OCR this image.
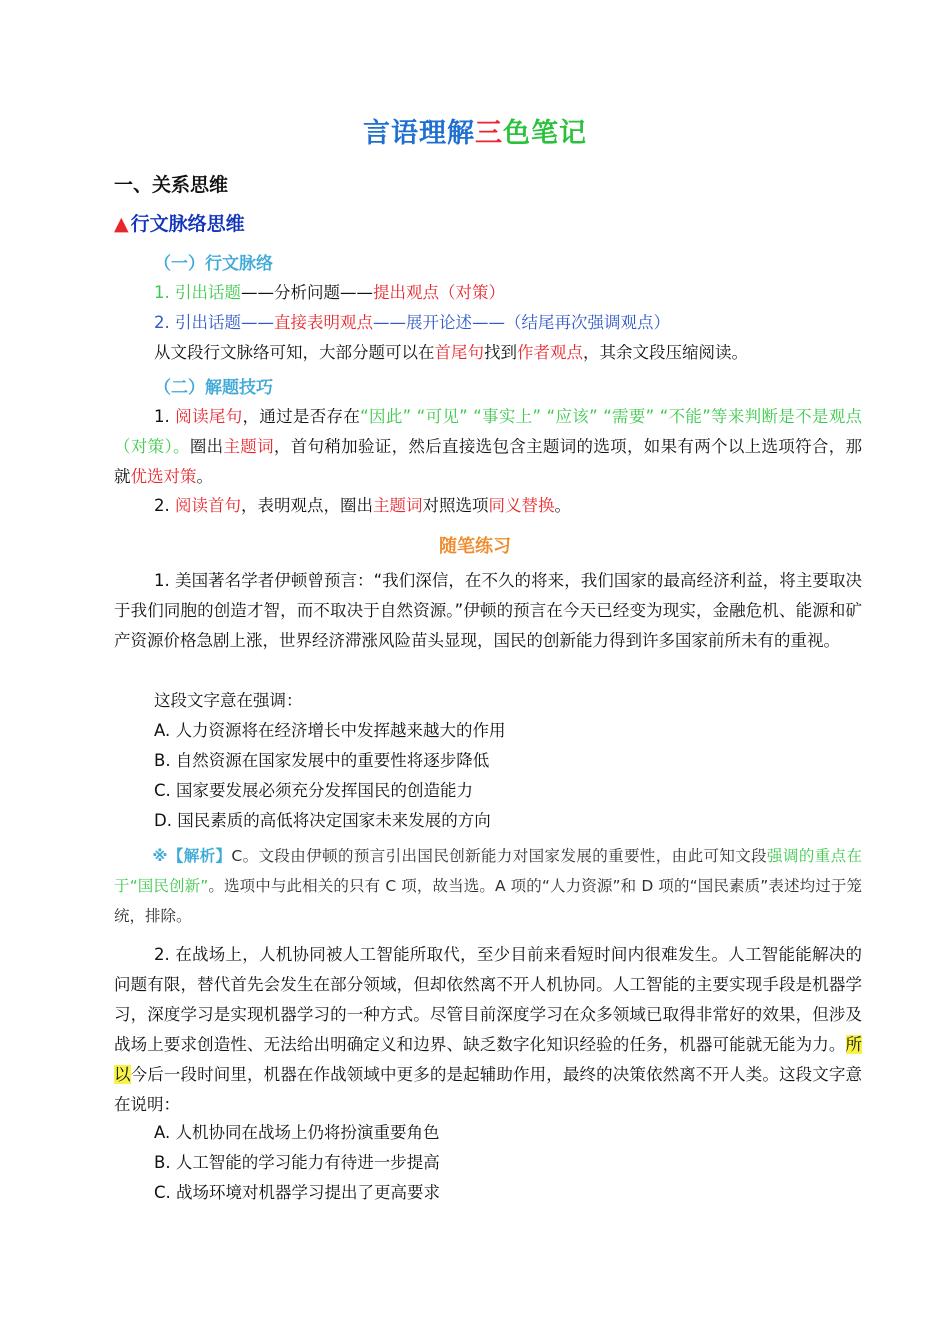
言语理解三色笔记
一、关系思维
▲ 行文脉络思维
（一）行文脉络
1. 引出话题——分析问题——提出观点（对策）
2. 引出话题——直接表明观点——展开论述——（结尾再次强调观点）
从文段行文脉络可知，大部分题可以在首尾句找到作者观点，其余文段压缩阅读。
（二）解题技巧
1. 阅读尾句，通过是否存在“因此” “可见” “事实上” “应该” “需要” “不能”等来判断是不是观点（对策）。圈出主题词，首句稍加验证，然后直接选包含主题词的选项，如果有两个以上选项符合，那就优选对策。
2. 阅读首句，表明观点，圈出主题词对照选项同义替换。
随笔练习
1. 美国著名学者伊顿曾预言：“我们深信，在不久的将来，我们国家的最高经济利益，将主要取决于我们同胞的创造才智，而不取决于自然资源。”伊顿的预言在今天已经变为现实，金融危机、能源和矿产资源价格急剧上涨，世界经济滞涨风险苗头显现，国民的创新能力得到许多国家前所未有的重视。
这段文字意在强调：
A. 人力资源将在经济增长中发挥越来越大的作用
B. 自然资源在国家发展中的重要性将逐步降低
C. 国家要发展必须充分发挥国民的创造能力
D. 国民素质的高低将决定国家未来发展的方向
※【解析】C。文段由伊顿的预言引出国民创新能力对国家发展的重要性，由此可知文段强调的重点在于“国民创新”。选项中与此相关的只有 C 项，故当选。A 项的“人力资源”和 D 项的“国民素质”表述均过于笼统，排除。
2. 在战场上，人机协同被人工智能所取代，至少目前来看短时间内很难发生。人工智能能解决的问题有限，替代首先会发生在部分领域，但却依然离不开人机协同。人工智能的主要实现手段是机器学习，深度学习是实现机器学习的一种方式。尽管目前深度学习在众多领域已取得非常好的效果，但涉及战场上要求创造性、无法给出明确定义和边界、缺乏数字化知识经验的任务，机器可能就无能为力。所以今后一段时间里，机器在作战领域中更多的是起辅助作用，最终的决策依然离不开人类。这段文字意在说明：
A. 人机协同在战场上仍将扮演重要角色
B. 人工智能的学习能力有待进一步提高
C. 战场环境对机器学习提出了更高要求
